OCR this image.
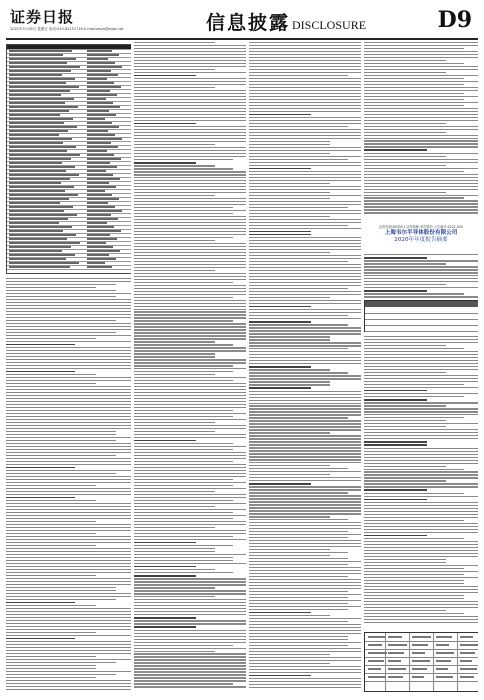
证券日报
2021年3月26日 星期五 电话:010-83251716 E-mail:zmzx@zqrb.net	信息披露 DISCLOSURE	D9
证券代码:603501 证券简称:韦尔股份 公告编号:2021-020
上海韦尔半导体股份有限公司
2020年年度报告摘要
